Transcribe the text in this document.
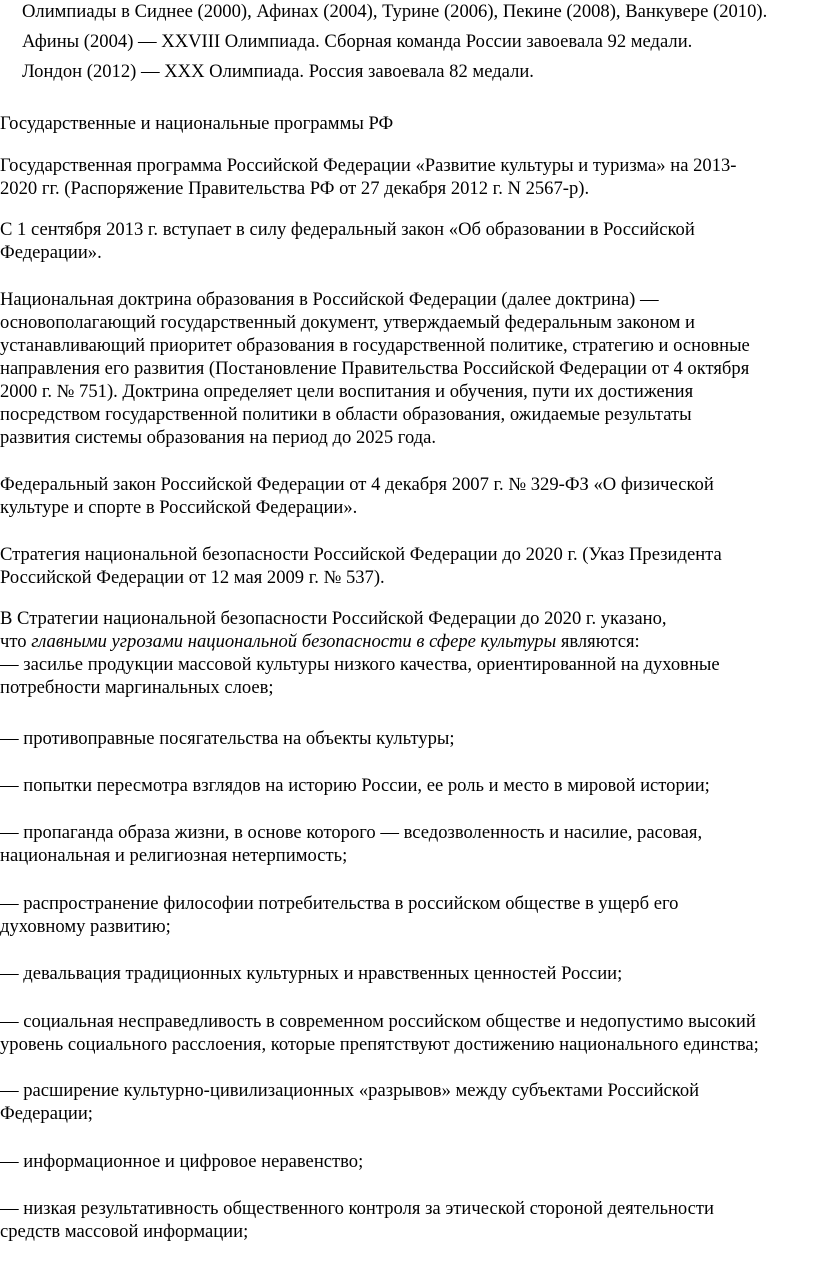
Олимпиады в Сиднее (2000), Афинах (2004), Турине (2006), Пекине (2008), Ванкувере (2010).
Афины (2004) — XXVIII Олимпиада. Сборная команда России завоевала 92 медали.
Лондон (2012) — XXX Олимпиада. Россия завоевала 82 медали.
Государственные и национальные программы РФ
Государственная программа Российской Федерации «Развитие культуры и туризма» на 2013-
2020 гг. (Распоряжение Правительства РФ от 27 декабря 2012 г. N 2567-р).
С 1 сентября 2013 г. вступает в силу федеральный закон «Об образовании в Российской
Федерации».
Национальная доктрина образования в Российской Федерации (далее доктрина) —
основополагающий государственный документ, утверждаемый федеральным законом и
устанавливающий приоритет образования в государственной политике, стратегию и основные
направления его развития (Постановление Правительства Российской Федерации от 4 октября
2000 г. № 751). Доктрина определяет цели воспитания и обучения, пути их достижения
посредством государственной политики в области образования, ожидаемые результаты
развития системы образования на период до 2025 года.
Федеральный закон Российской Федерации от 4 декабря 2007 г. № 329-ФЗ «О физической
культуре и спорте в Российской Федерации».
Стратегия национальной безопасности Российской Федерации до 2020 г. (Указ Президента
Российской Федерации от 12 мая 2009 г. № 537).
В Стратегии национальной безопасности Российской Федерации до 2020 г. указано,
что главными угрозами национальной безопасности в сфере культуры являются:
— засилье продукции массовой культуры низкого качества, ориентированной на духовные
потребности маргинальных слоев;
— противоправные посягательства на объекты культуры;
— попытки пересмотра взглядов на историю России, ее роль и место в мировой истории;
— пропаганда образа жизни, в основе которого — вседозволенность и насилие, расовая,
национальная и религиозная нетерпимость;
— распространение философии потребительства в российском обществе в ущерб его
духовному развитию;
— девальвация традиционных культурных и нравственных ценностей России;
— социальная несправедливость в современном российском обществе и недопустимо высокий
уровень социального расслоения, которые препятствуют достижению национального единства;
— расширение культурно-цивилизационных «разрывов» между субъектами Российской
Федерации;
— информационное и цифровое неравенство;
— низкая результативность общественного контроля за этической стороной деятельности
средств массовой информации;
